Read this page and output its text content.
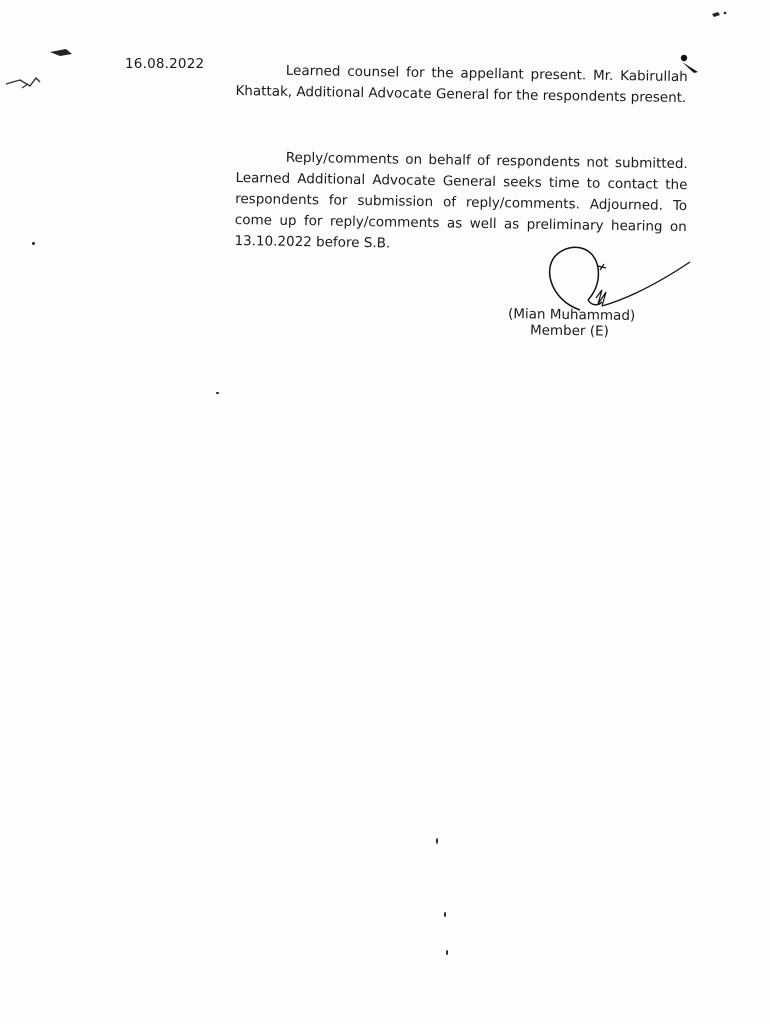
16.08.2022	Learned counsel for the appellant present. Mr. Kabirullah Khattak, Additional Advocate General for the respondents present.

Reply/comments on behalf of respondents not submitted. Learned Additional Advocate General seeks time to contact the respondents for submission of reply/comments. Adjourned. To come up for reply/comments as well as preliminary hearing on 13.10.2022 before S.B.

(Mian Muhammad)
Member (E)
